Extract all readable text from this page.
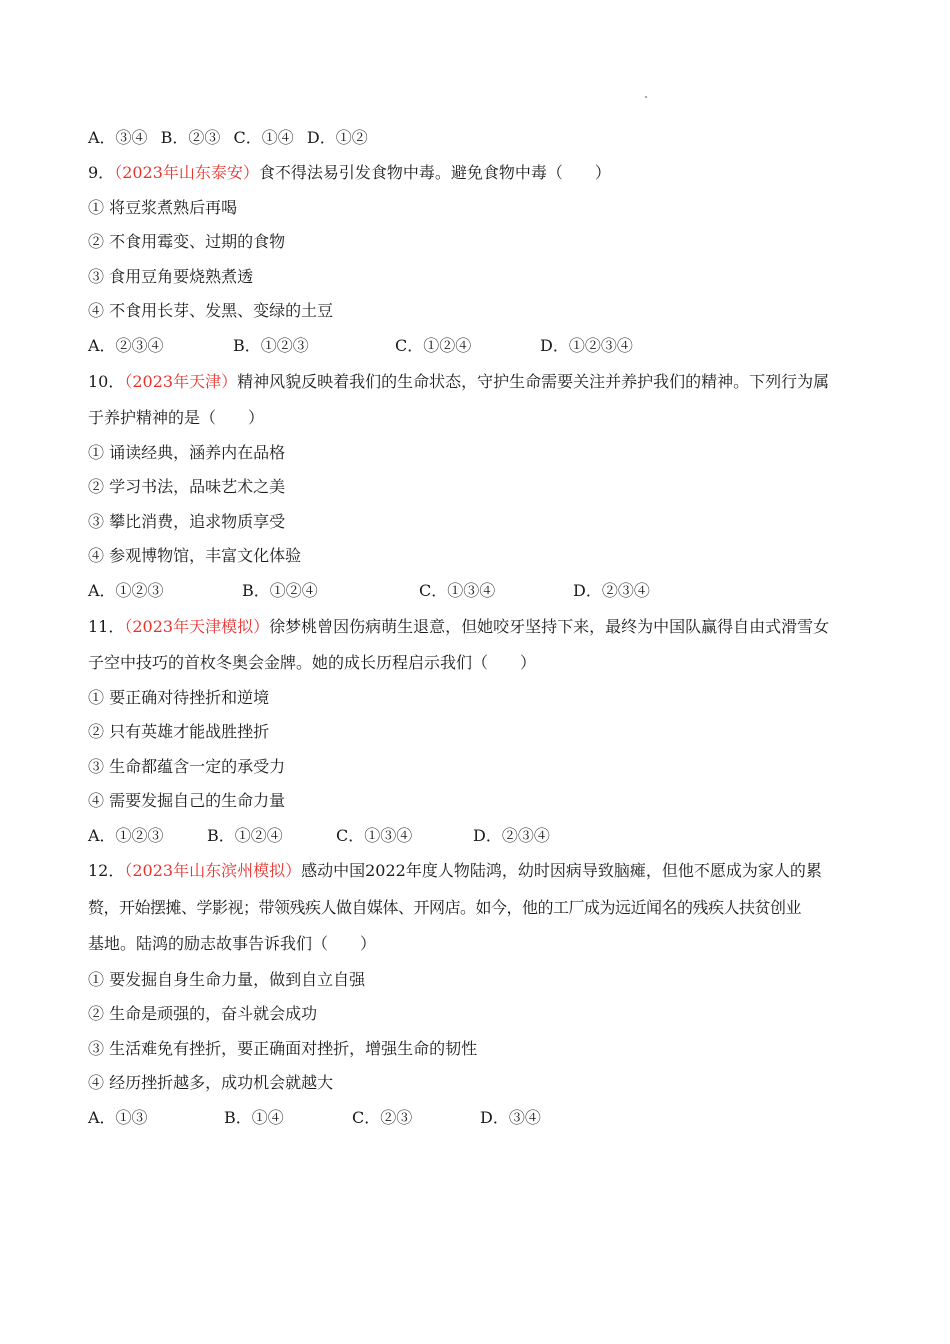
A．③④ B．②③ C．①④ D．①②
9．（2023年山东泰安）食不得法易引发食物中毒。避免食物中毒（　　）
① 将豆浆煮熟后再喝
② 不食用霉变、过期的食物
③ 食用豆角要烧熟煮透
④ 不食用长芽、发黑、变绿的土豆
A．②③④	B．①②③	C．①②④	D．①②③④
10．（2023年天津）精神风貌反映着我们的生命状态，守护生命需要关注并养护我们的精神。下列行为属
于养护精神的是（　　）
① 诵读经典，涵养内在品格
② 学习书法，品味艺术之美
③ 攀比消费，追求物质享受
④ 参观博物馆，丰富文化体验
A．①②③	B．①②④	C．①③④	D．②③④
11．（2023年天津模拟）徐梦桃曾因伤病萌生退意，但她咬牙坚持下来，最终为中国队赢得自由式滑雪女
子空中技巧的首枚冬奥会金牌。她的成长历程启示我们（　　）
① 要正确对待挫折和逆境
② 只有英雄才能战胜挫折
③ 生命都蕴含一定的承受力
④ 需要发掘自己的生命力量
A．①②③	B．①②④	C．①③④	D．②③④
12．（2023年山东滨州模拟）感动中国2022年度人物陆鸿，幼时因病导致脑瘫，但他不愿成为家人的累
赘，开始摆摊、学影视；带领残疾人做自媒体、开网店。如今，他的工厂成为远近闻名的残疾人扶贫创业
基地。陆鸿的励志故事告诉我们（　　）
① 要发掘自身生命力量，做到自立自强
② 生命是顽强的，奋斗就会成功
③ 生活难免有挫折，要正确面对挫折，增强生命的韧性
④ 经历挫折越多，成功机会就越大
A．①③	B．①④	C．②③	D．③④
